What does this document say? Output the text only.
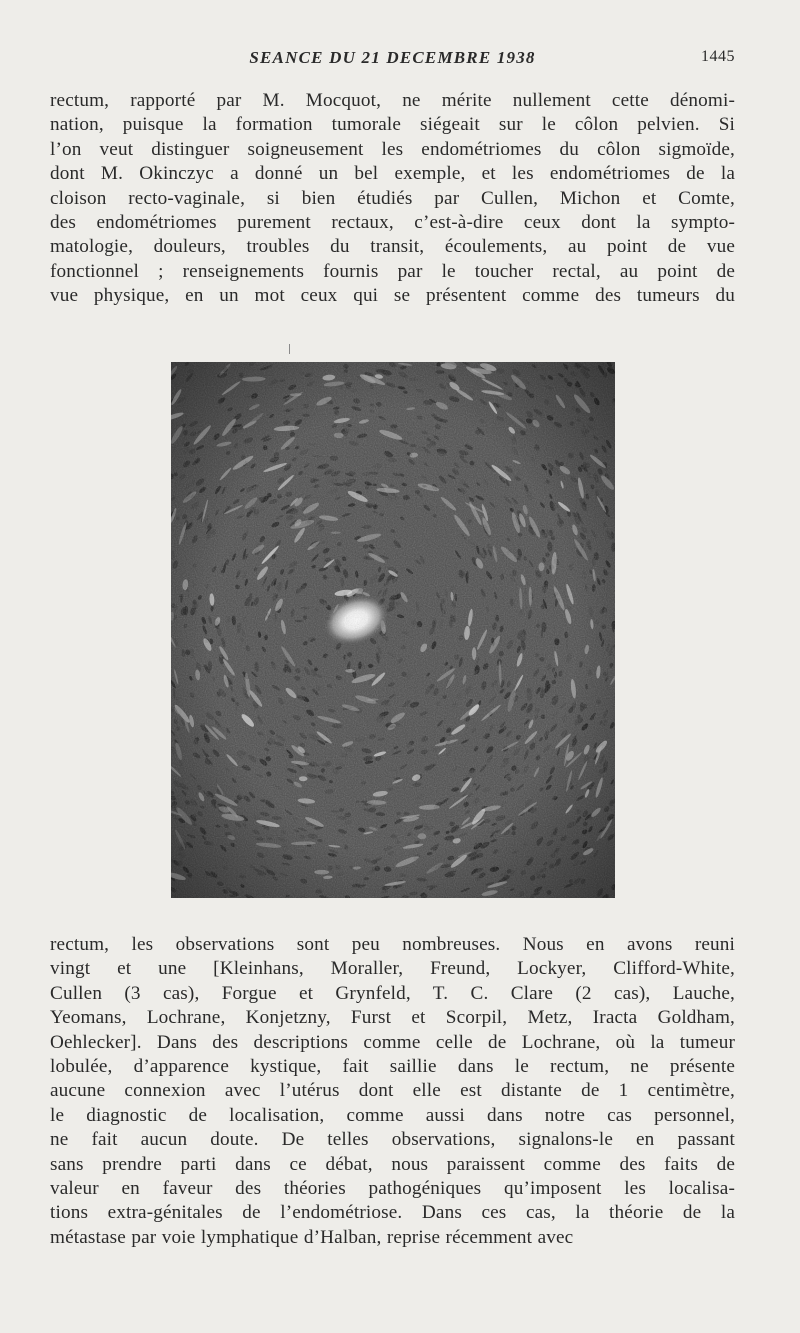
SEANCE DU 21 DECEMBRE 1938	1445
rectum, rapporté par M. Mocquot, ne mérite nullement cette dénomi-
nation, puisque la formation tumorale siégeait sur le côlon pelvien. Si
l’on veut distinguer soigneusement les endométriomes du côlon sigmoïde,
dont M. Okinczyc a donné un bel exemple, et les endométriomes de la
cloison recto-vaginale, si bien étudiés par Cullen, Michon et Comte,
des endométriomes purement rectaux, c’est-à-dire ceux dont la sympto-
matologie, douleurs, troubles du transit, écoulements, au point de vue
fonctionnel ; renseignements fournis par le toucher rectal, au point de
vue physique, en un mot ceux qui se présentent comme des tumeurs du
rectum, les observations sont peu nombreuses. Nous en avons reuni
vingt et une [Kleinhans, Moraller, Freund, Lockyer, Clifford-White,
Cullen (3 cas), Forgue et Grynfeld, T. C. Clare (2 cas), Lauche,
Yeomans, Lochrane, Konjetzny, Furst et Scorpil, Metz, Iracta Goldham,
Oehlecker]. Dans des descriptions comme celle de Lochrane, où la tumeur
lobulée, d’apparence kystique, fait saillie dans le rectum, ne présente
aucune connexion avec l’utérus dont elle est distante de 1 centimètre,
le diagnostic de localisation, comme aussi dans notre cas personnel,
ne fait aucun doute. De telles observations, signalons-le en passant
sans prendre parti dans ce débat, nous paraissent comme des faits de
valeur en faveur des théories pathogéniques qu’imposent les localisa-
tions extra-génitales de l’endométriose. Dans ces cas, la théorie de la
métastase par voie lymphatique d’Halban, reprise récemment avec
